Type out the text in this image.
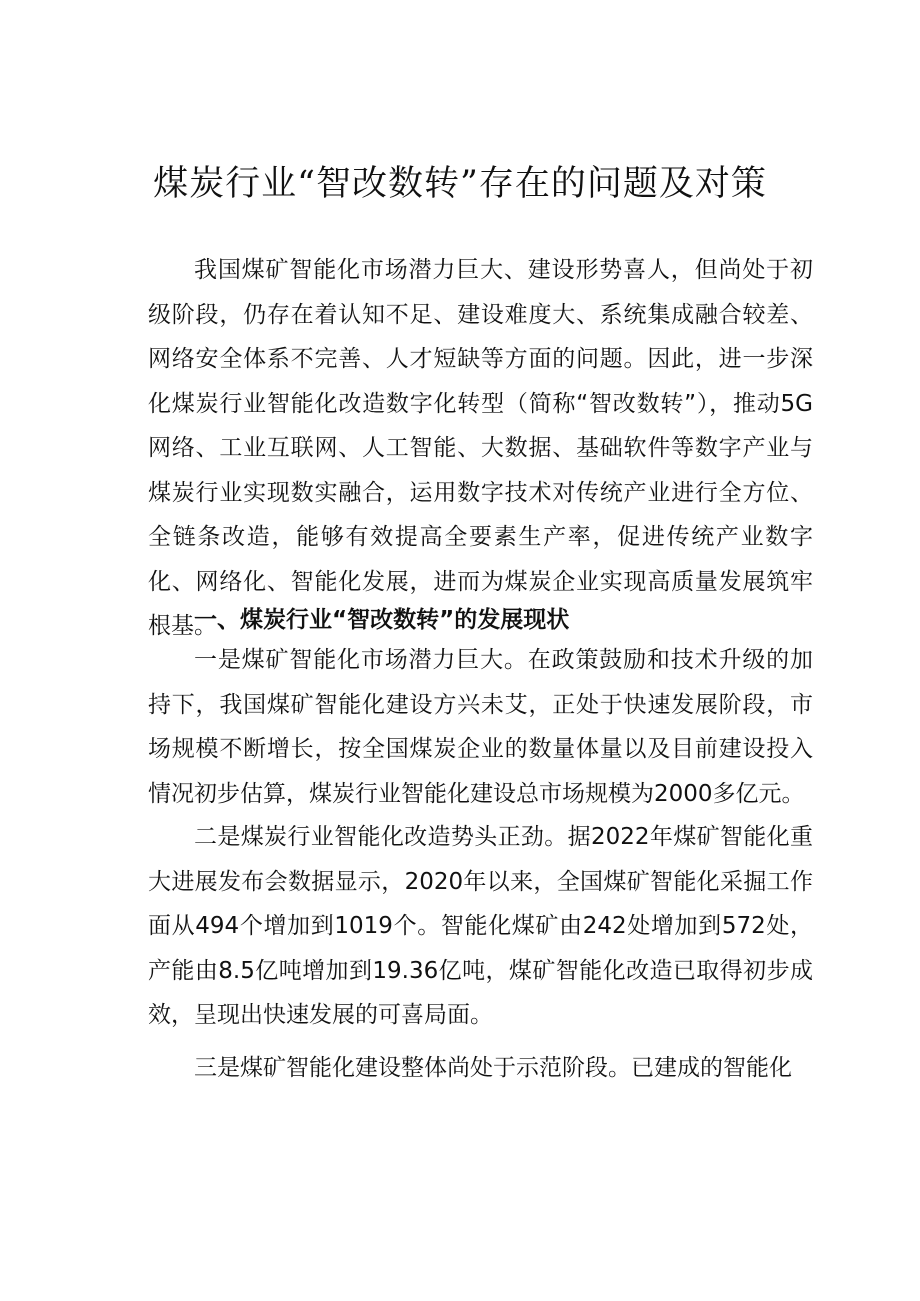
煤炭行业“智改数转”存在的问题及对策

我国煤矿智能化市场潜力巨大、建设形势喜人，但尚处于初级阶段，仍存在着认知不足、建设难度大、系统集成融合较差、网络安全体系不完善、人才短缺等方面的问题。因此，进一步深化煤炭行业智能化改造数字化转型（简称“智改数转”），推动5G网络、工业互联网、人工智能、大数据、基础软件等数字产业与煤炭行业实现数实融合，运用数字技术对传统产业进行全方位、全链条改造，能够有效提高全要素生产率，促进传统产业数字化、网络化、智能化发展，进而为煤炭企业实现高质量发展筑牢根基。

一、煤炭行业“智改数转”的发展现状

一是煤矿智能化市场潜力巨大。在政策鼓励和技术升级的加持下，我国煤矿智能化建设方兴未艾，正处于快速发展阶段，市场规模不断增长，按全国煤炭企业的数量体量以及目前建设投入情况初步估算，煤炭行业智能化建设总市场规模为2000多亿元。

二是煤炭行业智能化改造势头正劲。据2022年煤矿智能化重大进展发布会数据显示，2020年以来，全国煤矿智能化采掘工作面从494个增加到1019个。智能化煤矿由242处增加到572处，产能由8.5亿吨增加到19.36亿吨，煤矿智能化改造已取得初步成效，呈现出快速发展的可喜局面。

三是煤矿智能化建设整体尚处于示范阶段。已建成的智能化
